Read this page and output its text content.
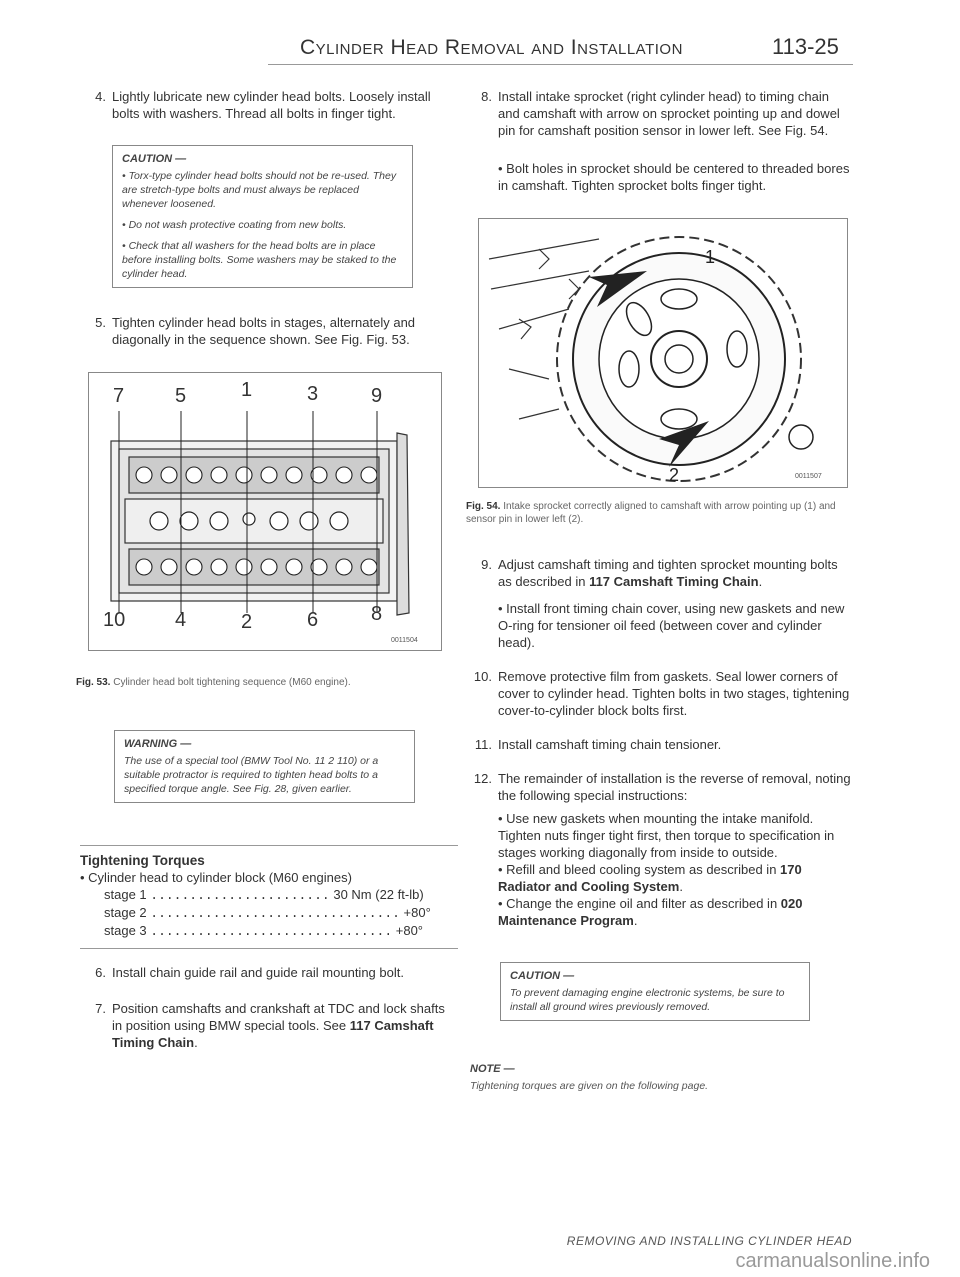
Cylinder Head Removal and Installation	113-25
4. Lightly lubricate new cylinder head bolts. Loosely install bolts with washers. Thread all bolts in finger tight.
CAUTION —

• Torx-type cylinder head bolts should not be re-used. They are stretch-type bolts and must always be replaced whenever loosened.

• Do not wash protective coating from new bolts.

• Check that all washers for the head bolts are in place before installing bolts. Some washers may be staked to the cylinder head.

5. Tighten cylinder head bolts in stages, alternately and diagonally in the sequence shown. See Fig. Fig. 53.
7	5	1	3	9
10 4	2	6	8
0011504
Fig. 53. Cylinder head bolt tightening sequence (M60 engine).
WARNING —

The use of a special tool (BMW Tool No. 11 2 110) or a suitable protractor is required to tighten head bolts to a specified torque angle. See Fig. 28, given earlier.

Tightening Torques
• Cylinder head to cylinder block (M60 engines)
stage 1 ....................... 30 Nm (22 ft-lb)
stage 2 ................................ +80°
stage 3 ............................... +80°
6. Install chain guide rail and guide rail mounting bolt.
7. Position camshafts and crankshaft at TDC and lock shafts in position using BMW special tools. See 117 Camshaft Timing Chain.
8. Install intake sprocket (right cylinder head) to timing chain and camshaft with arrow on sprocket pointing up and dowel pin for camshaft position sensor in lower left. See Fig. 54.
• Bolt holes in sprocket should be centered to threaded bores in camshaft. Tighten sprocket bolts finger tight.
1
2	0011507
Fig. 54. Intake sprocket correctly aligned to camshaft with arrow pointing up (1) and sensor pin in lower left (2).
9. Adjust camshaft timing and tighten sprocket mounting bolts as described in 117 Camshaft Timing Chain.
• Install front timing chain cover, using new gaskets and new O-ring for tensioner oil feed (between cover and cylinder head).
10. Remove protective film from gaskets. Seal lower corners of cover to cylinder head. Tighten bolts in two stages, tightening cover-to-cylinder block bolts first.
11. Install camshaft timing chain tensioner.
12. The remainder of installation is the reverse of removal, noting the following special instructions:
• Use new gaskets when mounting the intake manifold. Tighten nuts finger tight first, then torque to specification in stages working diagonally from inside to outside.
• Refill and bleed cooling system as described in 170 Radiator and Cooling System.
• Change the engine oil and filter as described in 020 Maintenance Program.
CAUTION —

To prevent damaging engine electronic systems, be sure to install all ground wires previously removed.

NOTE —
Tightening torques are given on the following page.
REMOVING AND INSTALLING CYLINDER HEAD
carmanualsonline.info
